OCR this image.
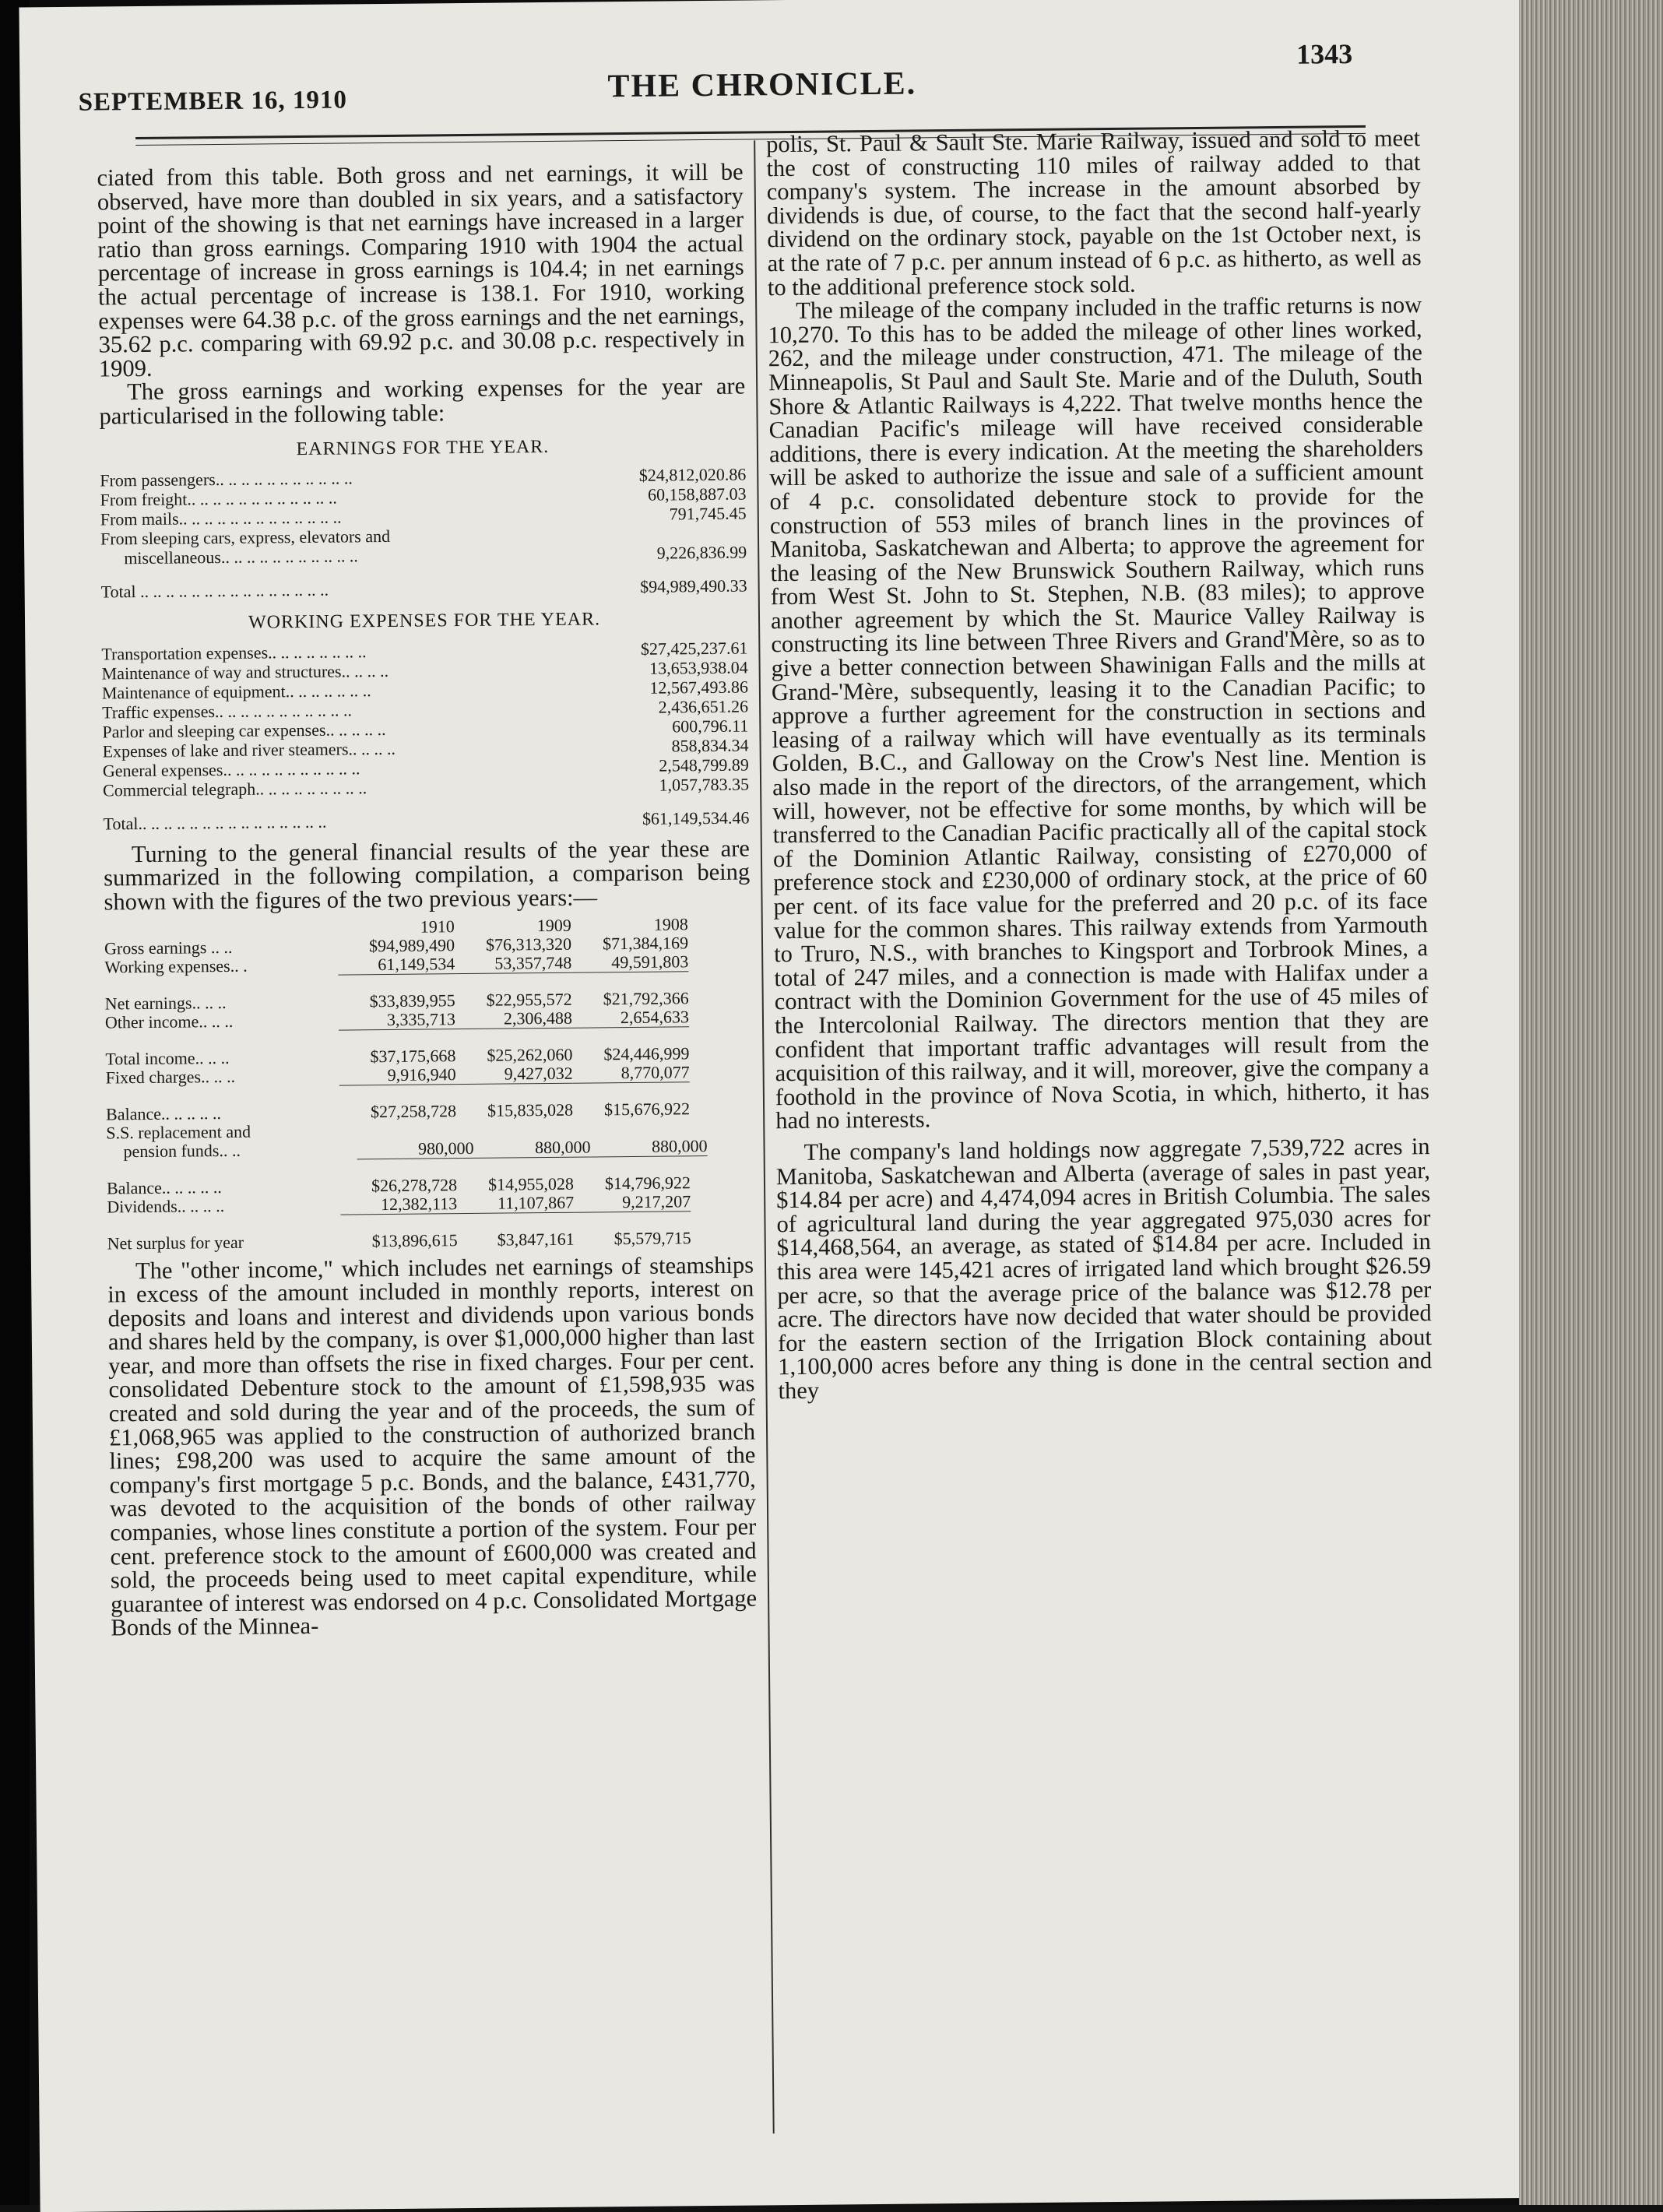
SEPTEMBER 16, 1910	THE CHRONICLE.
1343

ciated from this table. Both gross and net earnings, it will be observed, have more than doubled in six years, and a satisfactory point of the showing is that net earnings have increased in a larger ratio than gross earnings. Comparing 1910 with 1904 the actual percentage of increase in gross earnings is 104.4; in net earnings the actual percentage of increase is 138.1. For 1910, working expenses were 64.38 p.c. of the gross earnings and the net earnings, 35.62 p.c. comparing with 69.92 p.c. and 30.08 p.c. respectively in 1909.

The gross earnings and working expenses for the year are particularised in the following table:

EARNINGS FOR THE YEAR.
From passengers.. .. .. .. .. .. .. .. .. .. ..	$24,812,020.86
From freight.. .. .. .. .. .. .. .. .. .. .. ..	60,158,887.03
From mails.. .. .. .. .. .. .. .. .. .. .. .. ..	791,745.45
From sleeping cars, express, elevators and
miscellaneous.. .. .. .. .. .. .. .. .. .. ..	9,226,836.99
Total .. .. .. .. .. .. .. .. .. .. .. .. .. .. ..	$94,989,490.33
WORKING EXPENSES FOR THE YEAR.
Transportation expenses.. .. .. .. .. .. .. ..	$27,425,237.61
Maintenance of way and structures.. .. .. ..	13,653,938.04
Maintenance of equipment.. .. .. .. .. .. ..	12,567,493.86
Traffic expenses.. .. .. .. .. .. .. .. .. .. ..	2,436,651.26
Parlor and sleeping car expenses.. .. .. .. ..	600,796.11
Expenses of lake and river steamers.. .. .. ..	858,834.34
General expenses.. .. .. .. .. .. .. .. .. .. ..	2,548,799.89
Commercial telegraph.. .. .. .. .. .. .. .. ..	1,057,783.35
Total.. .. .. .. .. .. .. .. .. .. .. .. .. .. ..	$61,149,534.46

Turning to the general financial results of the year these are summarized in the following compilation, a comparison being shown with the figures of the two previous years:—

1910	1909	1908
Gross earnings .. ..	$94,989,490	$76,313,320	$71,384,169
Working expenses.. .	61,149,534	53,357,748	49,591,803
Net earnings.. .. ..	$33,839,955	$22,955,572	$21,792,366
Other income.. .. ..	3,335,713	2,306,488	2,654,633
Total income.. .. ..	$37,175,668	$25,262,060	$24,446,999
Fixed charges.. .. ..	9,916,940	9,427,032	8,770,077
Balance.. .. .. .. ..	$27,258,728	$15,835,028	$15,676,922
S.S. replacement and
pension funds.. ..	980,000	880,000	880,000
Balance.. .. .. .. ..	$26,278,728	$14,955,028	$14,796,922
Dividends.. .. .. ..	12,382,113	11,107,867	9,217,207
Net surplus for year	$13,896,615	$3,847,161	$5,579,715

The "other income," which includes net earnings of steamships in excess of the amount included in monthly reports, interest on deposits and loans and interest and dividends upon various bonds and shares held by the company, is over $1,000,000 higher than last year, and more than offsets the rise in fixed charges. Four per cent. consolidated Debenture stock to the amount of £1,598,935 was created and sold during the year and of the proceeds, the sum of £1,068,965 was applied to the construction of authorized branch lines; £98,200 was used to acquire the same amount of the company's first mortgage 5 p.c. Bonds, and the balance, £431,770, was devoted to the acquisition of the bonds of other railway companies, whose lines constitute a portion of the system. Four per cent. preference stock to the amount of £600,000 was created and sold, the proceeds being used to meet capital expenditure, while guarantee of interest was endorsed on 4 p.c. Consolidated Mortgage Bonds of the Minnea-

polis, St. Paul & Sault Ste. Marie Railway, issued and sold to meet the cost of constructing 110 miles of railway added to that company's system. The increase in the amount absorbed by dividends is due, of course, to the fact that the second half-yearly dividend on the ordinary stock, payable on the 1st October next, is at the rate of 7 p.c. per annum instead of 6 p.c. as hitherto, as well as to the additional preference stock sold.

The mileage of the company included in the traffic returns is now 10,270. To this has to be added the mileage of other lines worked, 262, and the mileage under construction, 471. The mileage of the Minneapolis, St Paul and Sault Ste. Marie and of the Duluth, South Shore & Atlantic Railways is 4,222. That twelve months hence the Canadian Pacific's mileage will have received considerable additions, there is every indication. At the meeting the shareholders will be asked to authorize the issue and sale of a sufficient amount of 4 p.c. consolidated debenture stock to provide for the construction of 553 miles of branch lines in the provinces of Manitoba, Saskatchewan and Alberta; to approve the agreement for the leasing of the New Brunswick Southern Railway, which runs from West St. John to St. Stephen, N.B. (83 miles); to approve another agreement by which the St. Maurice Valley Railway is constructing its line between Three Rivers and Grand'Mère, so as to give a better connection between Shawinigan Falls and the mills at Grand-'Mère, subsequently, leasing it to the Canadian Pacific; to approve a further agreement for the construction in sections and leasing of a railway which will have eventually as its terminals Golden, B.C., and Galloway on the Crow's Nest line. Mention is also made in the report of the directors, of the arrangement, which will, however, not be effective for some months, by which will be transferred to the Canadian Pacific practically all of the capital stock of the Dominion Atlantic Railway, consisting of £270,000 of preference stock and £230,000 of ordinary stock, at the price of 60 per cent. of its face value for the preferred and 20 p.c. of its face value for the common shares. This railway extends from Yarmouth to Truro, N.S., with branches to Kingsport and Torbrook Mines, a total of 247 miles, and a connection is made with Halifax under a contract with the Dominion Government for the use of 45 miles of the Intercolonial Railway. The directors mention that they are confident that important traffic advantages will result from the acquisition of this railway, and it will, moreover, give the company a foothold in the province of Nova Scotia, in which, hitherto, it has had no interests.

The company's land holdings now aggregate 7,539,722 acres in Manitoba, Saskatchewan and Alberta (average of sales in past year, $14.84 per acre) and 4,474,094 acres in British Columbia. The sales of agricultural land during the year aggregated 975,030 acres for $14,468,564, an average, as stated of $14.84 per acre. Included in this area were 145,421 acres of irrigated land which brought $26.59 per acre, so that the average price of the balance was $12.78 per acre. The directors have now decided that water should be provided for the eastern section of the Irrigation Block containing about 1,100,000 acres before any thing is done in the central section and they
